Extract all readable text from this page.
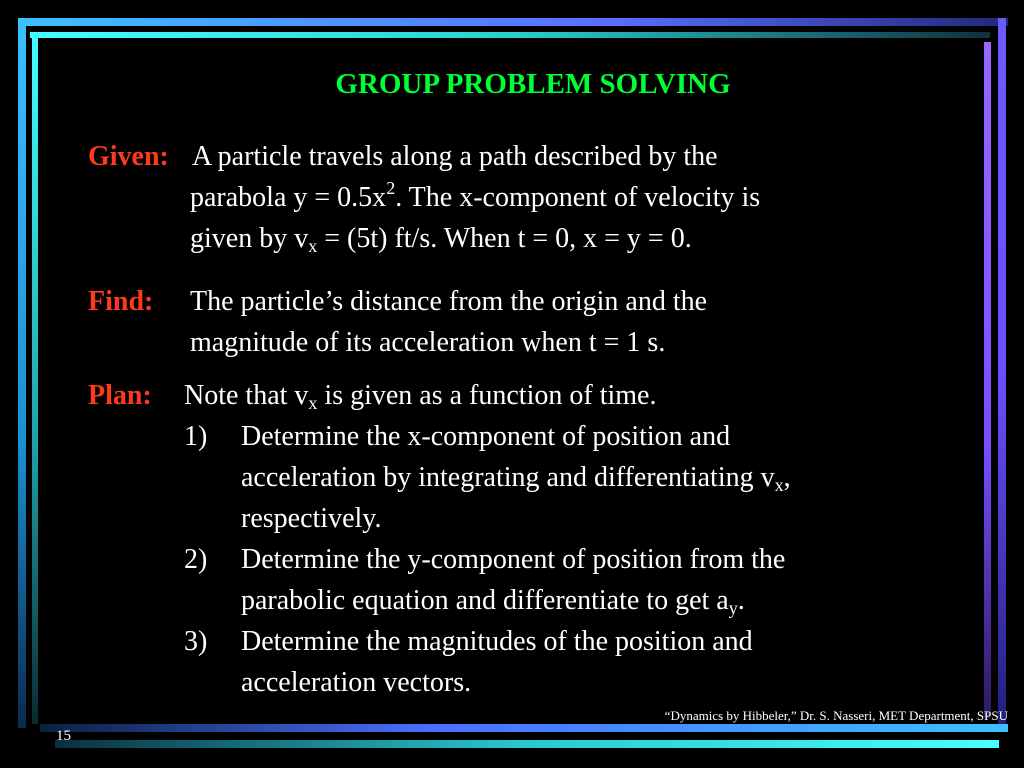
GROUP PROBLEM SOLVING
Given: A particle travels along a path described by the
parabola $y = 0.5x^2$. The x-component of velocity is
given by $v_x = (5t)$ ft/s. When t = 0, x = y = 0.
Find: The particle’s distance from the origin and the
magnitude of its acceleration when t = 1 s.
Plan: Note that $v_x$ is given as a function of time.
1) Determine the x-component of position and
acceleration by integrating and differentiating $v_x$,
respectively.
2) Determine the y-component of position from the
parabolic equation and differentiate to get $a_y$.
3) Determine the magnitudes of the position and
acceleration vectors.
“Dynamics by Hibbeler,” Dr. S. Nasseri, MET Department, SPSU
15
